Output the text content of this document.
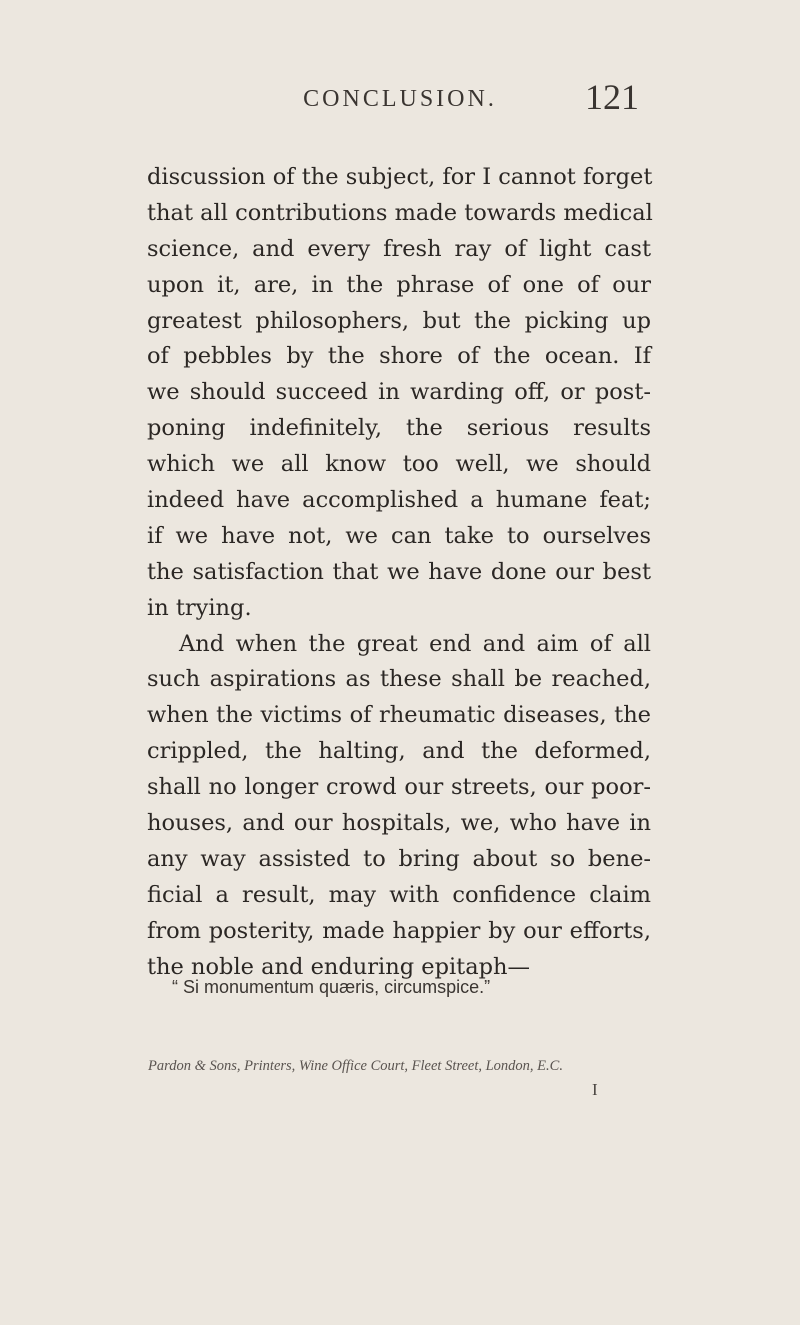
CONCLUSION.	121
discussion of the subject, for I cannot forget
that all contributions made towards medical
science, and every fresh ray of light cast
upon it, are, in the phrase of one of our
greatest philosophers, but the picking up
of pebbles by the shore of the ocean. If
we should succeed in warding off, or post-
poning indefinitely, the serious results
which we all know too well, we should
indeed have accomplished a humane feat;
if we have not, we can take to ourselves
the satisfaction that we have done our best
in trying.
And when the great end and aim of all
such aspirations as these shall be reached,
when the victims of rheumatic diseases, the
crippled, the halting, and the deformed,
shall no longer crowd our streets, our poor-
houses, and our hospitals, we, who have in
any way assisted to bring about so bene-
ficial a result, may with confidence claim
from posterity, made happier by our efforts,
the noble and enduring epitaph—
“ Si monumentum quæris, circumspice.”
Pardon & Sons, Printers, Wine Office Court, Fleet Street, London, E.C.
I
